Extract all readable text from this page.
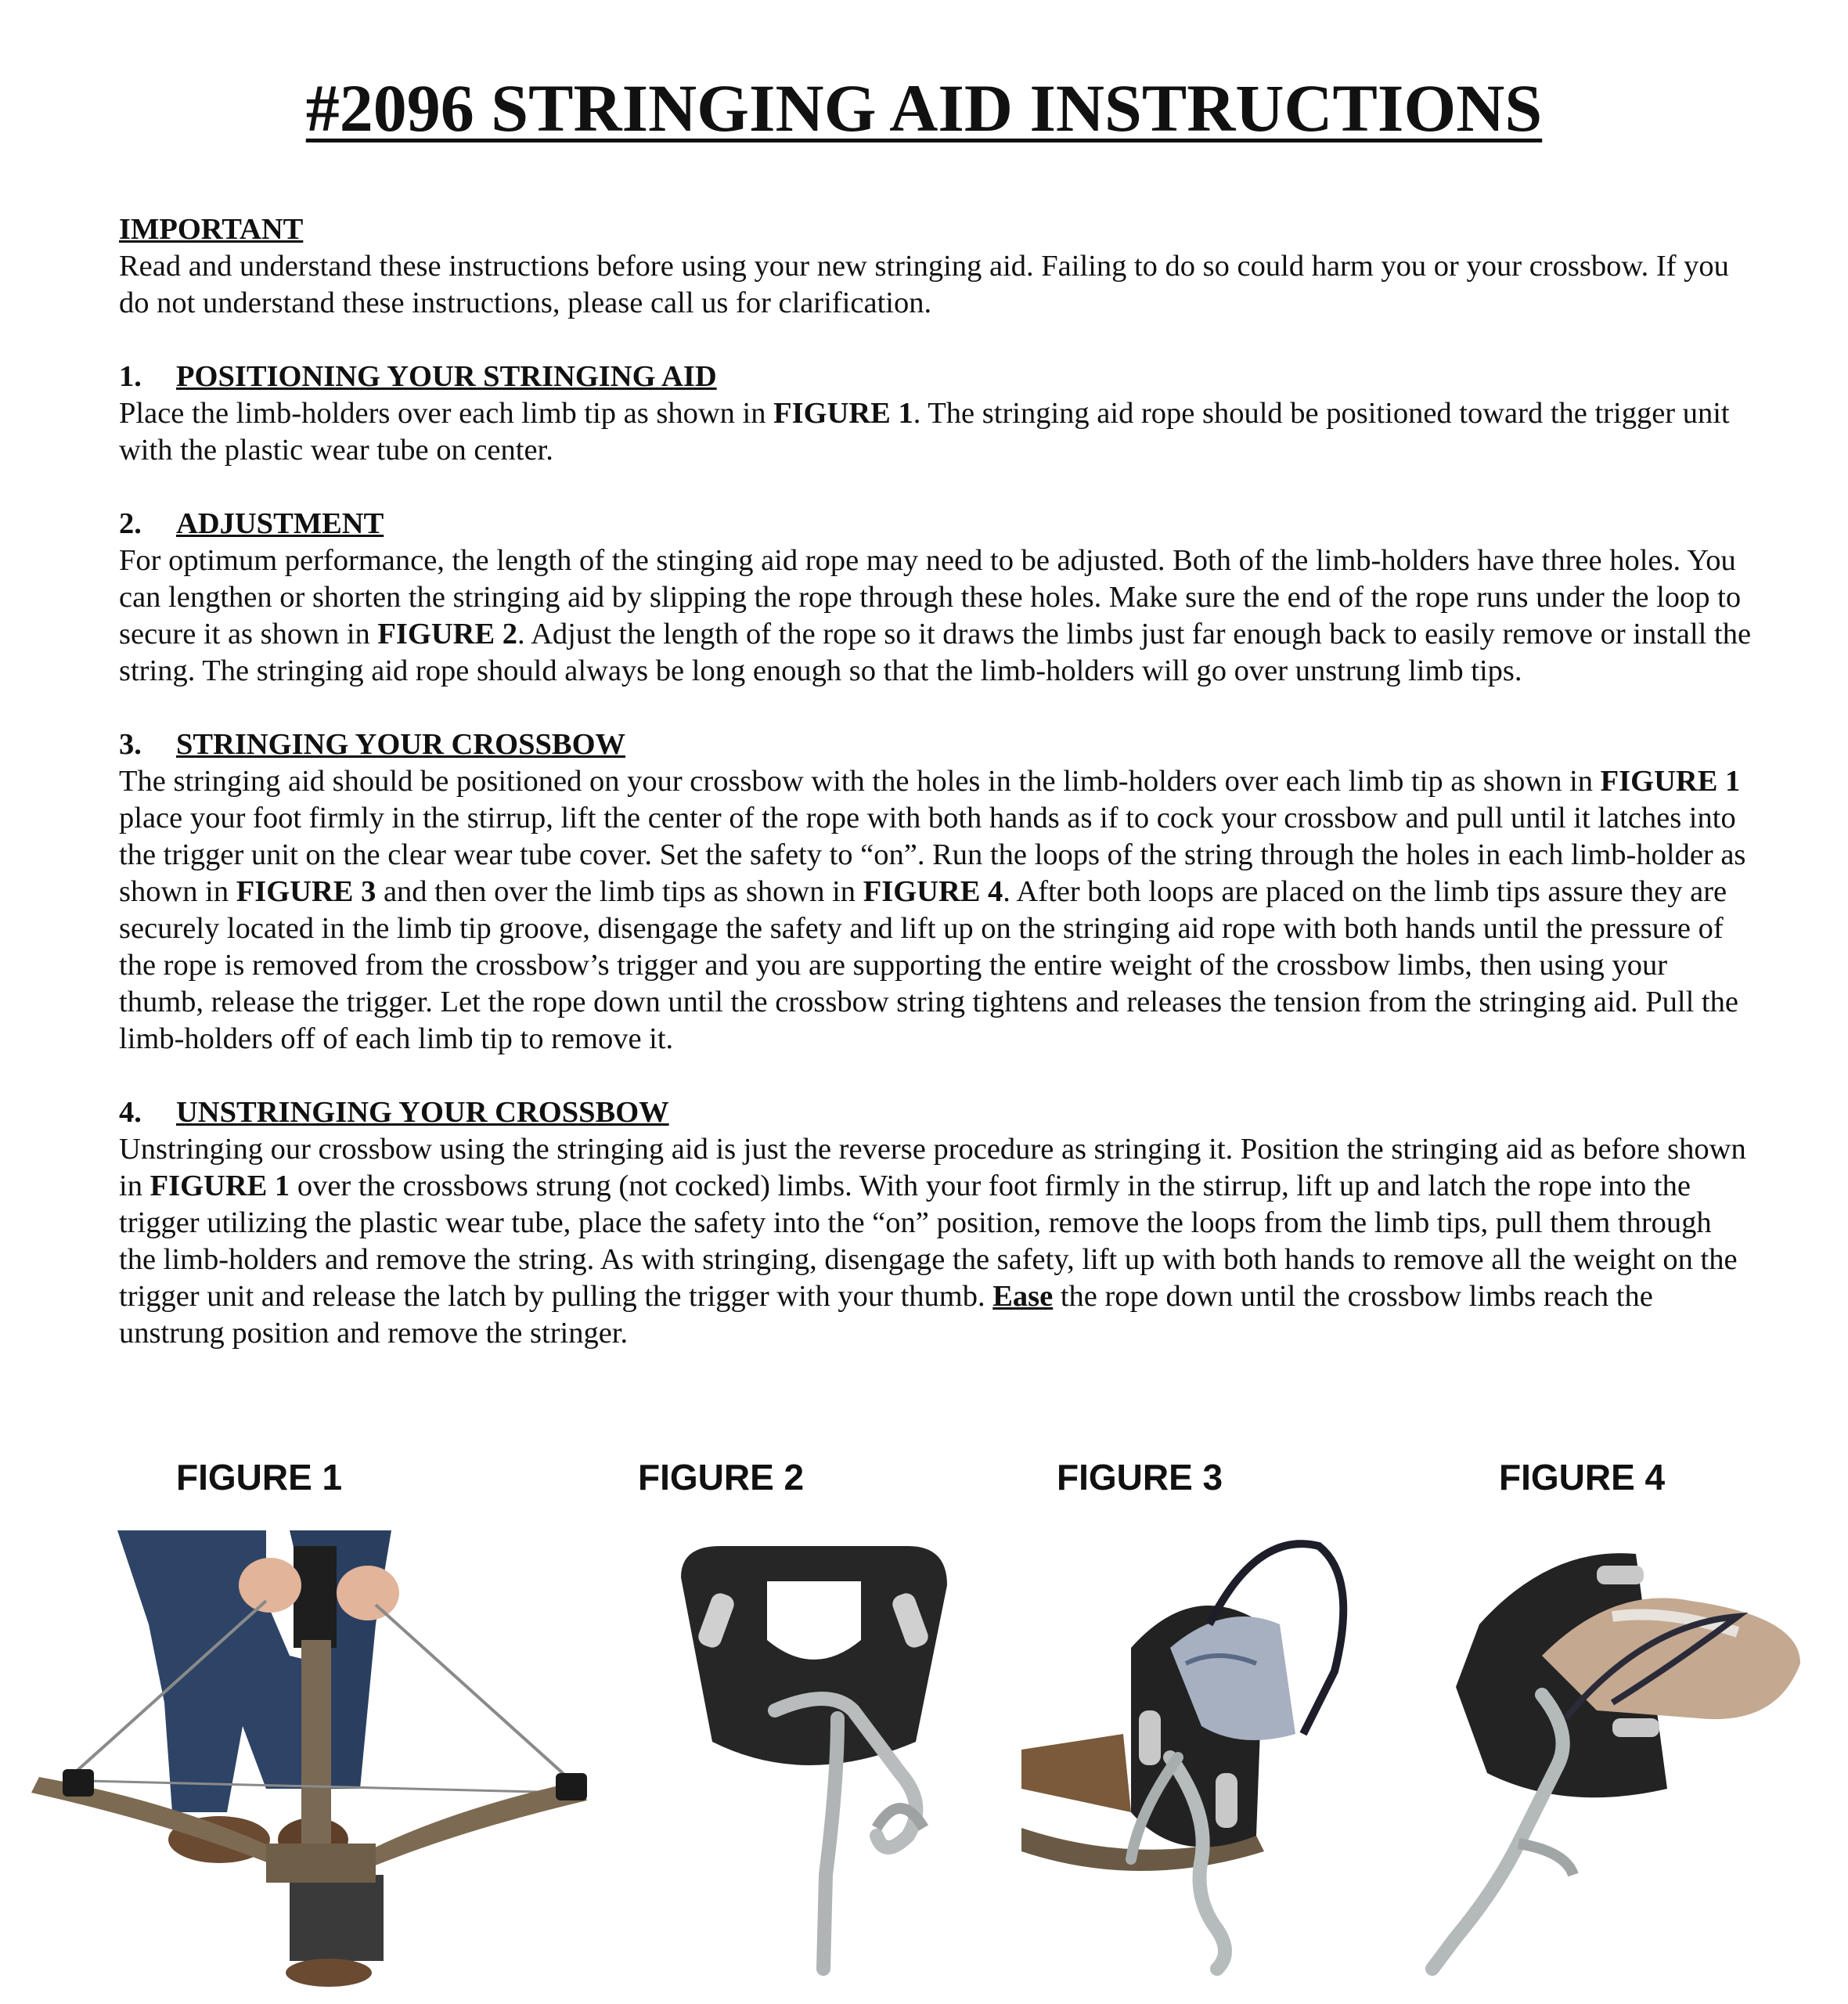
#2096 STRINGING AID INSTRUCTIONS
IMPORTANT

Read and understand these instructions before using your new stringing aid. Failing to do so could harm you or your crossbow. If you do not understand these instructions, please call us for clarification.

1. POSITIONING YOUR STRINGING AID

Place the limb-holders over each limb tip as shown in FIGURE 1. The stringing aid rope should be positioned toward the trigger unit with the plastic wear tube on center.

2. ADJUSTMENT

For optimum performance, the length of the stinging aid rope may need to be adjusted. Both of the limb-holders have three holes. You can lengthen or shorten the stringing aid by slipping the rope through these holes. Make sure the end of the rope runs under the loop to secure it as shown in FIGURE 2. Adjust the length of the rope so it draws the limbs just far enough back to easily remove or install the string. The stringing aid rope should always be long enough so that the limb-holders will go over unstrung limb tips.

3. STRINGING YOUR CROSSBOW

The stringing aid should be positioned on your crossbow with the holes in the limb-holders over each limb tip as shown in FIGURE 1 place your foot firmly in the stirrup, lift the center of the rope with both hands as if to cock your crossbow and pull until it latches into the trigger unit on the clear wear tube cover. Set the safety to “on”. Run the loops of the string through the holes in each limb-holder as shown in FIGURE 3 and then over the limb tips as shown in FIGURE 4. After both loops are placed on the limb tips assure they are securely located in the limb tip groove, disengage the safety and lift up on the stringing aid rope with both hands until the pressure of the rope is removed from the crossbow’s trigger and you are supporting the entire weight of the crossbow limbs, then using your thumb, release the trigger. Let the rope down until the crossbow string tightens and releases the tension from the stringing aid. Pull the limb-holders off of each limb tip to remove it.

4. UNSTRINGING YOUR CROSSBOW

Unstringing our crossbow using the stringing aid is just the reverse procedure as stringing it. Position the stringing aid as before shown in FIGURE 1 over the crossbows strung (not cocked) limbs. With your foot firmly in the stirrup, lift up and latch the rope into the trigger utilizing the plastic wear tube, place the safety into the “on” position, remove the loops from the limb tips, pull them through the limb-holders and remove the string. As with stringing, disengage the safety, lift up with both hands to remove all the weight on the trigger unit and release the latch by pulling the trigger with your thumb. Ease the rope down until the crossbow limbs reach the unstrung position and remove the stringer.

FIGURE 1	FIGURE 2	FIGURE 3	FIGURE 4
